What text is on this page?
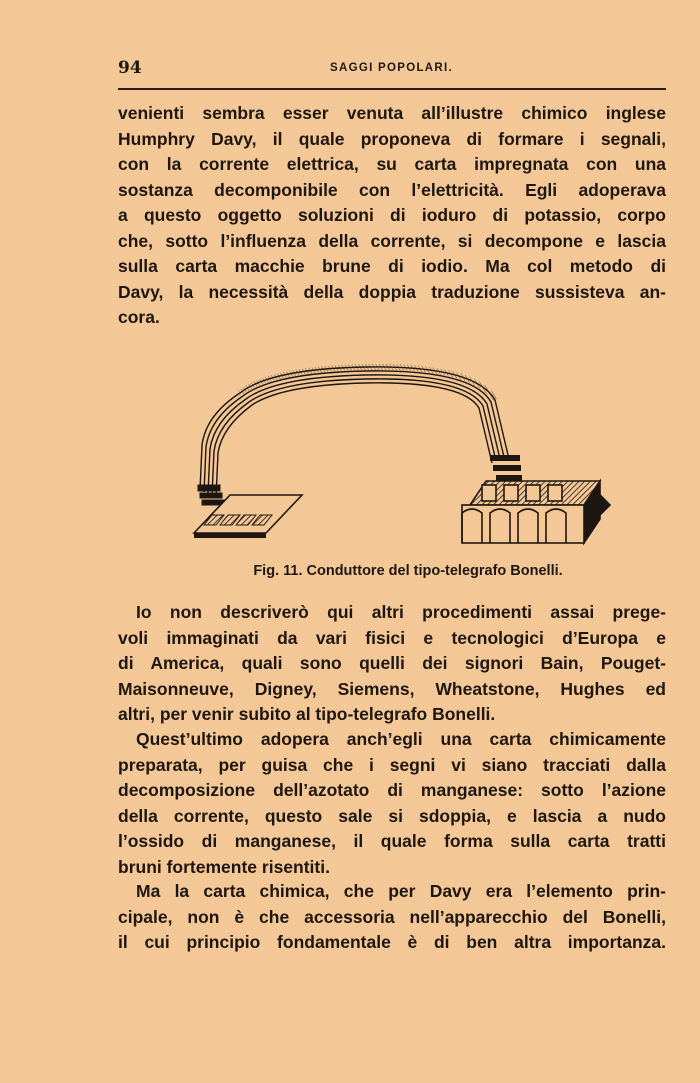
94	SAGGI POPOLARI.
venienti sembra esser venuta all’illustre chimico inglese
Humphry Davy, il quale proponeva di formare i segnali,
con la corrente elettrica, su carta impregnata con una
sostanza decomponibile con l’elettricità. Egli adoperava
a questo oggetto soluzioni di ioduro di potassio, corpo
che, sotto l’influenza della corrente, si decompone e lascia
sulla carta macchie brune di iodio. Ma col metodo di
Davy, la necessità della doppia traduzione sussisteva an-
cora.
Fig. 11. Conduttore del tipo-telegrafo Bonelli.
Io non descriverò qui altri procedimenti assai prege-
voli immaginati da vari fisici e tecnologici d’Europa e
di America, quali sono quelli dei signori Bain, Pouget-
Maisonneuve, Digney, Siemens, Wheatstone, Hughes ed
altri, per venir subito al tipo-telegrafo Bonelli.
Quest’ultimo adopera anch’egli una carta chimicamente
preparata, per guisa che i segni vi siano tracciati dalla
decomposizione dell’azotato di manganese: sotto l’azione
della corrente, questo sale si sdoppia, e lascia a nudo
l’ossido di manganese, il quale forma sulla carta tratti
bruni fortemente risentiti.
Ma la carta chimica, che per Davy era l’elemento prin-
cipale, non è che accessoria nell’apparecchio del Bonelli,
il cui principio fondamentale è di ben altra importanza.
